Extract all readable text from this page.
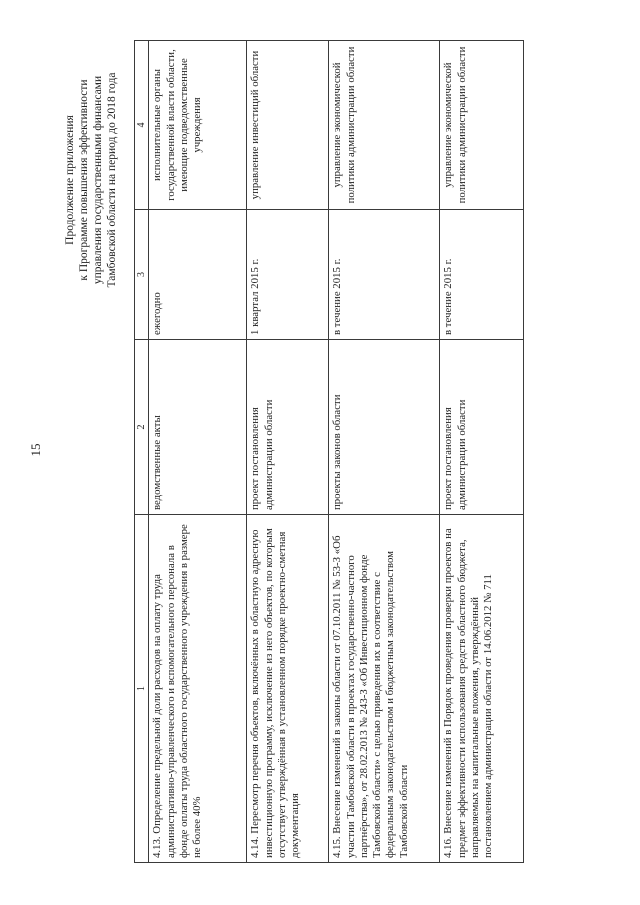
15
Продолжение приложения к Программе повышения эффективности управления государственными финансами Тамбовской области на период до 2018 года
1	2	3	4
4.13. Определение предельной доли расходов на оплату труда административно-управленческого и вспомогательного персонала в фонде оплаты труда областного государственного учреждения в размере не более 40%	ведомственные акты	ежегодно	исполнительные органы государственной власти области, имеющие подведомственные учреждения
4.14. Пересмотр перечня объектов, включённых в областную адресную инвестиционную программу, исключение из него объектов, по которым отсутствует утверждённая в установленном порядке проектно-сметная документация	проект постановления администрации области	1 квартал 2015 г.	управление инвестиций области
4.15. Внесение изменений в законы области от 07.10.2011 № 53-З «Об участии Тамбовской области в проектах государственно-частного партнёрства», от 28.02.2013 № 243-З «Об Инвестиционном фонде Тамбовской области» с целью приведения их в соответствие с федеральным законодательством и бюджетным законодательством Тамбовской области	проекты законов области	в течение 2015 г.	управление экономической политики администрации области
4.16. Внесение изменений в Порядок проведения проверки проектов на предмет эффективности использования средств областного бюджета, направляемых на капитальные вложения, утверждённый постановлением администрации области от 14.06.2012 № 711	проект постановления администрации области	в течение 2015 г.	управление экономической политики администрации области
